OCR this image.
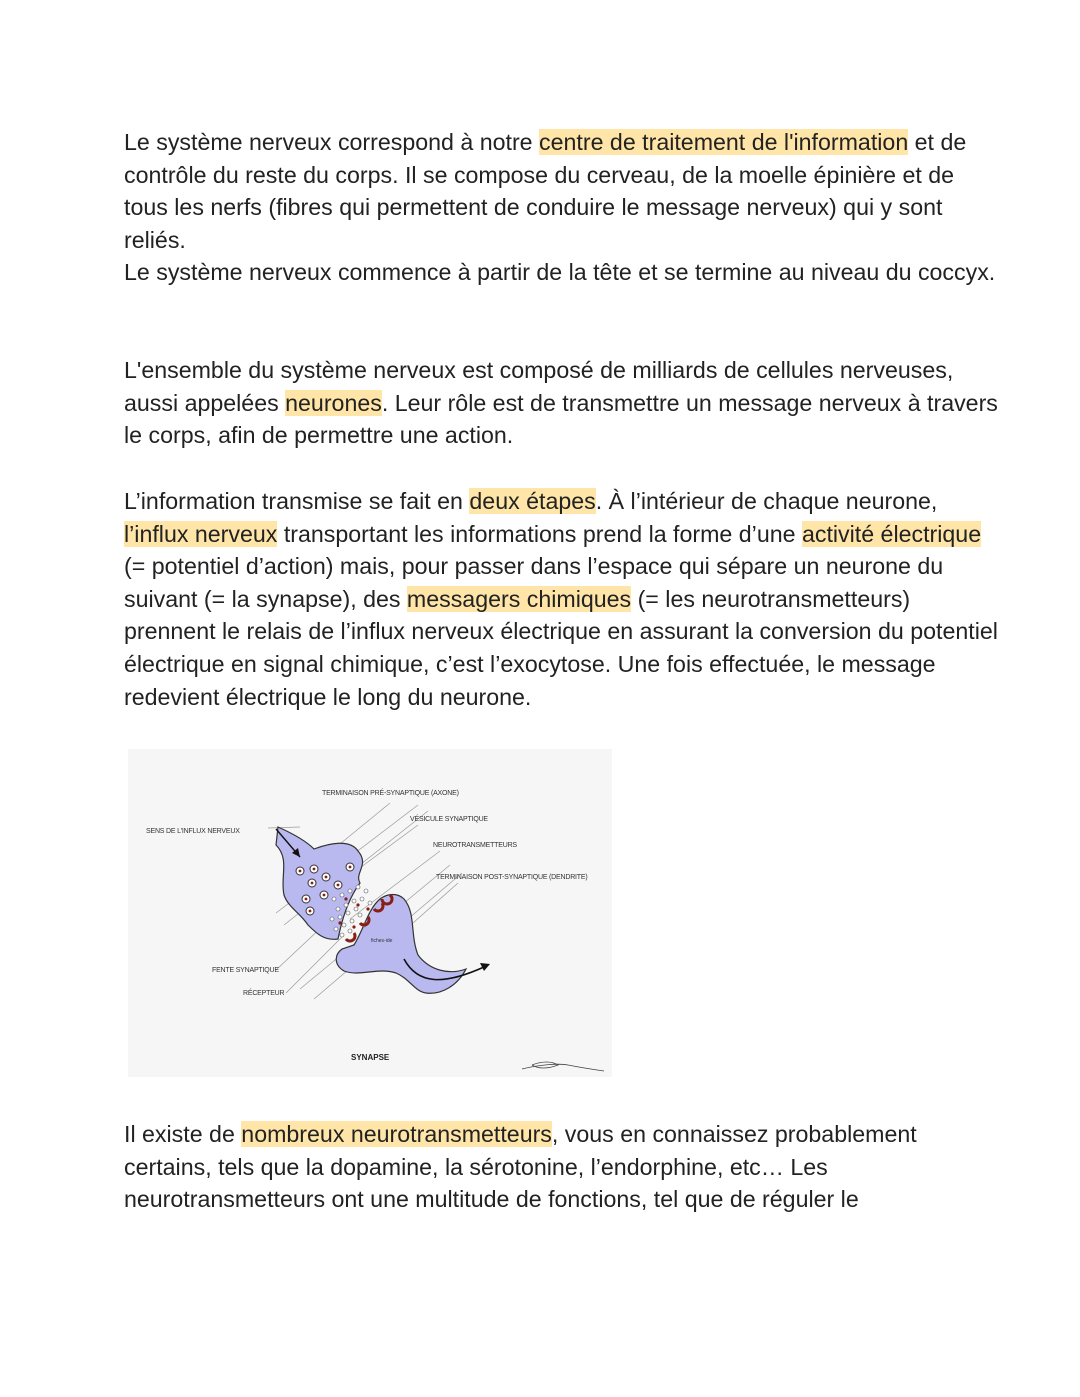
Le système nerveux correspond à notre centre de traitement de l'information et de contrôle du reste du corps. Il se compose du cerveau, de la moelle épinière et de tous les nerfs (fibres qui permettent de conduire le message nerveux) qui y sont reliés.
Le système nerveux commence à partir de la tête et se termine au niveau du coccyx.

L'ensemble du système nerveux est composé de milliards de cellules nerveuses, aussi appelées neurones. Leur rôle est de transmettre un message nerveux à travers le corps, afin de permettre une action.

L’information transmise se fait en deux étapes. À l’intérieur de chaque neurone, l’influx nerveux transportant les informations prend la forme d’une activité électrique (= potentiel d’action) mais, pour passer dans l’espace qui sépare un neurone du suivant (= la synapse), des messagers chimiques (= les neurotransmetteurs) prennent le relais de l’influx nerveux électrique en assurant la conversion du potentiel électrique en signal chimique, c’est l’exocytose. Une fois effectuée, le message redevient électrique le long du neurone.

TERMINAISON PRÉ-SYNAPTIQUE (AXONE)
VÉSICULE SYNAPTIQUE
NEUROTRANSMETTEURS
TERMINAISON POST-SYNAPTIQUE (DENDRITE)
SENS DE L'INFLUX NERVEUX
FENTE SYNAPTIQUE
RÉCEPTEUR
fiches-ide
SYNAPSE

Il existe de nombreux neurotransmetteurs, vous en connaissez probablement certains, tels que la dopamine, la sérotonine, l’endorphine, etc… Les neurotransmetteurs ont une multitude de fonctions, tel que de réguler le
